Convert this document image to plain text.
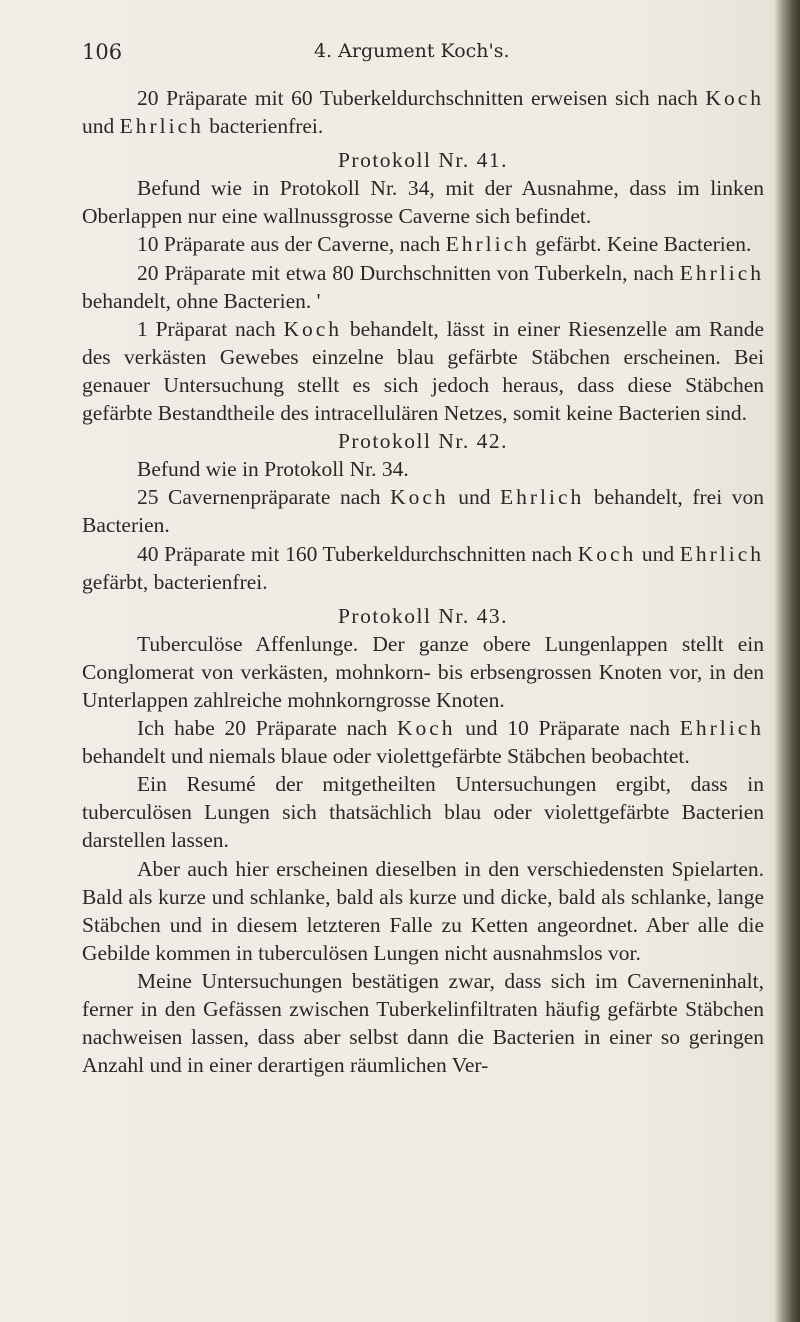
106	4. Argument Koch's.

20 Präparate mit 60 Tuberkeldurchschnitten erweisen sich nach Koch und Ehrlich bacterienfrei.

Protokoll Nr. 41.

Befund wie in Protokoll Nr. 34, mit der Ausnahme, dass im linken Oberlappen nur eine wallnussgrosse Caverne sich befindet.

10 Präparate aus der Caverne, nach Ehrlich gefärbt. Keine Bacterien.

20 Präparate mit etwa 80 Durchschnitten von Tuberkeln, nach Ehrlich behandelt, ohne Bacterien. '

1 Präparat nach Koch behandelt, lässt in einer Riesenzelle am Rande des verkästen Gewebes einzelne blau gefärbte Stäbchen erscheinen. Bei genauer Untersuchung stellt es sich jedoch heraus, dass diese Stäbchen gefärbte Bestandtheile des intracellulären Netzes, somit keine Bacterien sind.

Protokoll Nr. 42.

Befund wie in Protokoll Nr. 34.

25 Cavernenpräparate nach Koch und Ehrlich behandelt, frei von Bacterien.

40 Präparate mit 160 Tuberkeldurchschnitten nach Koch und Ehrlich gefärbt, bacterienfrei.

Protokoll Nr. 43.

Tuberculöse Affenlunge. Der ganze obere Lungenlappen stellt ein Conglomerat von verkästen, mohnkorn- bis erbsengrossen Knoten vor, in den Unterlappen zahlreiche mohnkorngrosse Knoten.

Ich habe 20 Präparate nach Koch und 10 Präparate nach Ehrlich behandelt und niemals blaue oder violettgefärbte Stäbchen beobachtet.

Ein Resumé der mitgetheilten Untersuchungen ergibt, dass in tuberculösen Lungen sich thatsächlich blau oder violettgefärbte Bacterien darstellen lassen.

Aber auch hier erscheinen dieselben in den verschiedensten Spielarten. Bald als kurze und schlanke, bald als kurze und dicke, bald als schlanke, lange Stäbchen und in diesem letzteren Falle zu Ketten angeordnet. Aber alle die Gebilde kommen in tuberculösen Lungen nicht ausnahmslos vor.

Meine Untersuchungen bestätigen zwar, dass sich im Caverneninhalt, ferner in den Gefässen zwischen Tuberkelinfiltraten häufig gefärbte Stäbchen nachweisen lassen, dass aber selbst dann die Bacterien in einer so geringen Anzahl und in einer derartigen räumlichen Ver-
